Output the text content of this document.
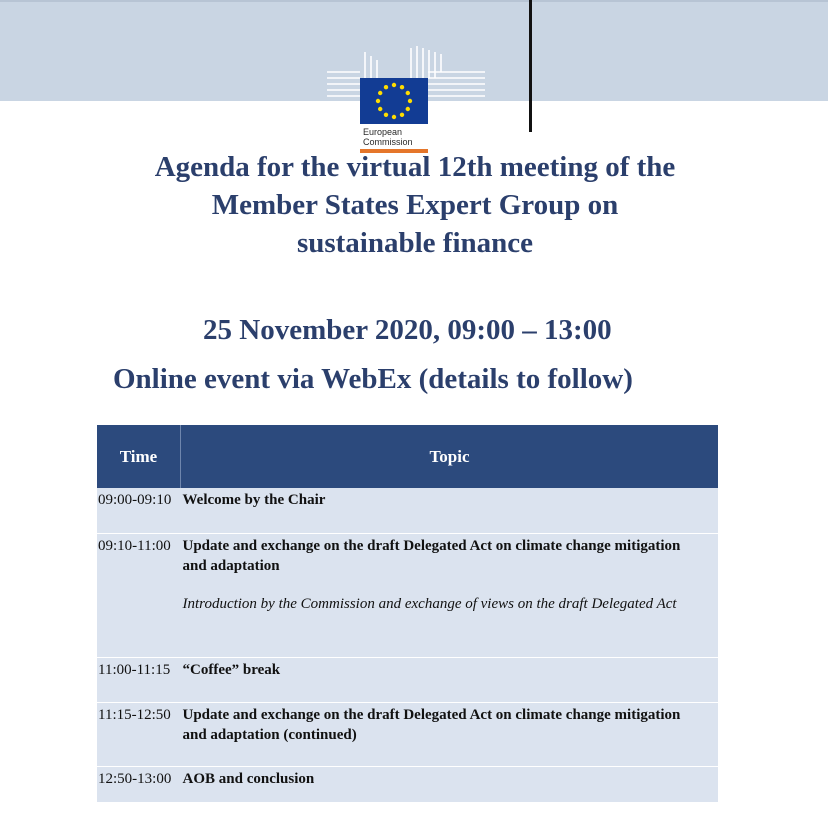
European
Commission
Agenda for the virtual 12th meeting of the
Member States Expert Group on
sustainable finance
25 November 2020, 09:00 – 13:00
Online event via WebEx (details to follow)
Time	Topic
09:00-09:10	Welcome by the Chair

09:10-11:00	Update and exchange on the draft Delegated Act on climate change mitigation and adaptation
Introduction by the Commission and exchange of views on the draft Delegated Act

11:00-11:15	“Coffee” break

11:15-12:50	Update and exchange on the draft Delegated Act on climate change mitigation and adaptation (continued)

12:50-13:00	AOB and conclusion
